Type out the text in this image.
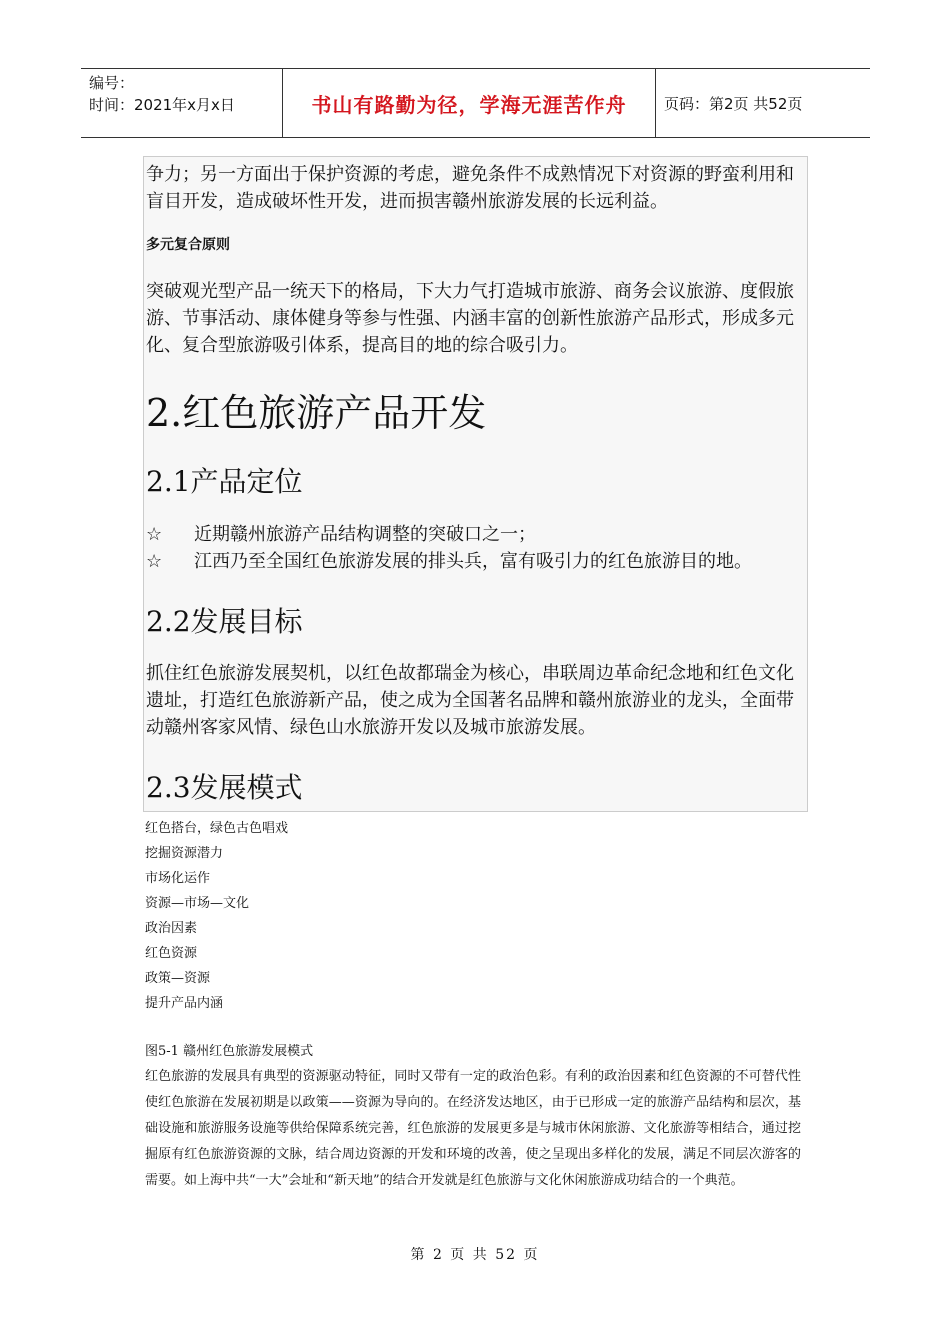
编号：
时间：2021年x月x日	书山有路勤为径，学海无涯苦作舟	页码：第2页 共52页

争力；另一方面出于保护资源的考虑，避免条件不成熟情况下对资源的野蛮利用和盲目开发，造成破坏性开发，进而损害赣州旅游发展的长远利益。

多元复合原则

突破观光型产品一统天下的格局，下大力气打造城市旅游、商务会议旅游、度假旅游、节事活动、康体健身等参与性强、内涵丰富的创新性旅游产品形式，形成多元化、复合型旅游吸引体系，提高目的地的综合吸引力。

2.红色旅游产品开发
2.1产品定位
☆	近期赣州旅游产品结构调整的突破口之一；
☆	江西乃至全国红色旅游发展的排头兵，富有吸引力的红色旅游目的地。
2.2发展目标

抓住红色旅游发展契机，以红色故都瑞金为核心，串联周边革命纪念地和红色文化遗址，打造红色旅游新产品，使之成为全国著名品牌和赣州旅游业的龙头，全面带动赣州客家风情、绿色山水旅游开发以及城市旅游发展。

2.3发展模式
红色搭台，绿色古色唱戏
挖掘资源潜力
市场化运作
资源—市场—文化
政治因素
红色资源
政策—资源
提升产品内涵
图5-1 赣州红色旅游发展模式

红色旅游的发展具有典型的资源驱动特征，同时又带有一定的政治色彩。有利的政治因素和红色资源的不可替代性使红色旅游在发展初期是以政策——资源为导向的。在经济发达地区，由于已形成一定的旅游产品结构和层次，基础设施和旅游服务设施等供给保障系统完善，红色旅游的发展更多是与城市休闲旅游、文化旅游等相结合，通过挖掘原有红色旅游资源的文脉，结合周边资源的开发和环境的改善，使之呈现出多样化的发展，满足不同层次游客的需要。如上海中共“一大”会址和“新天地”的结合开发就是红色旅游与文化休闲旅游成功结合的一个典范。

第 2 页 共 52 页
